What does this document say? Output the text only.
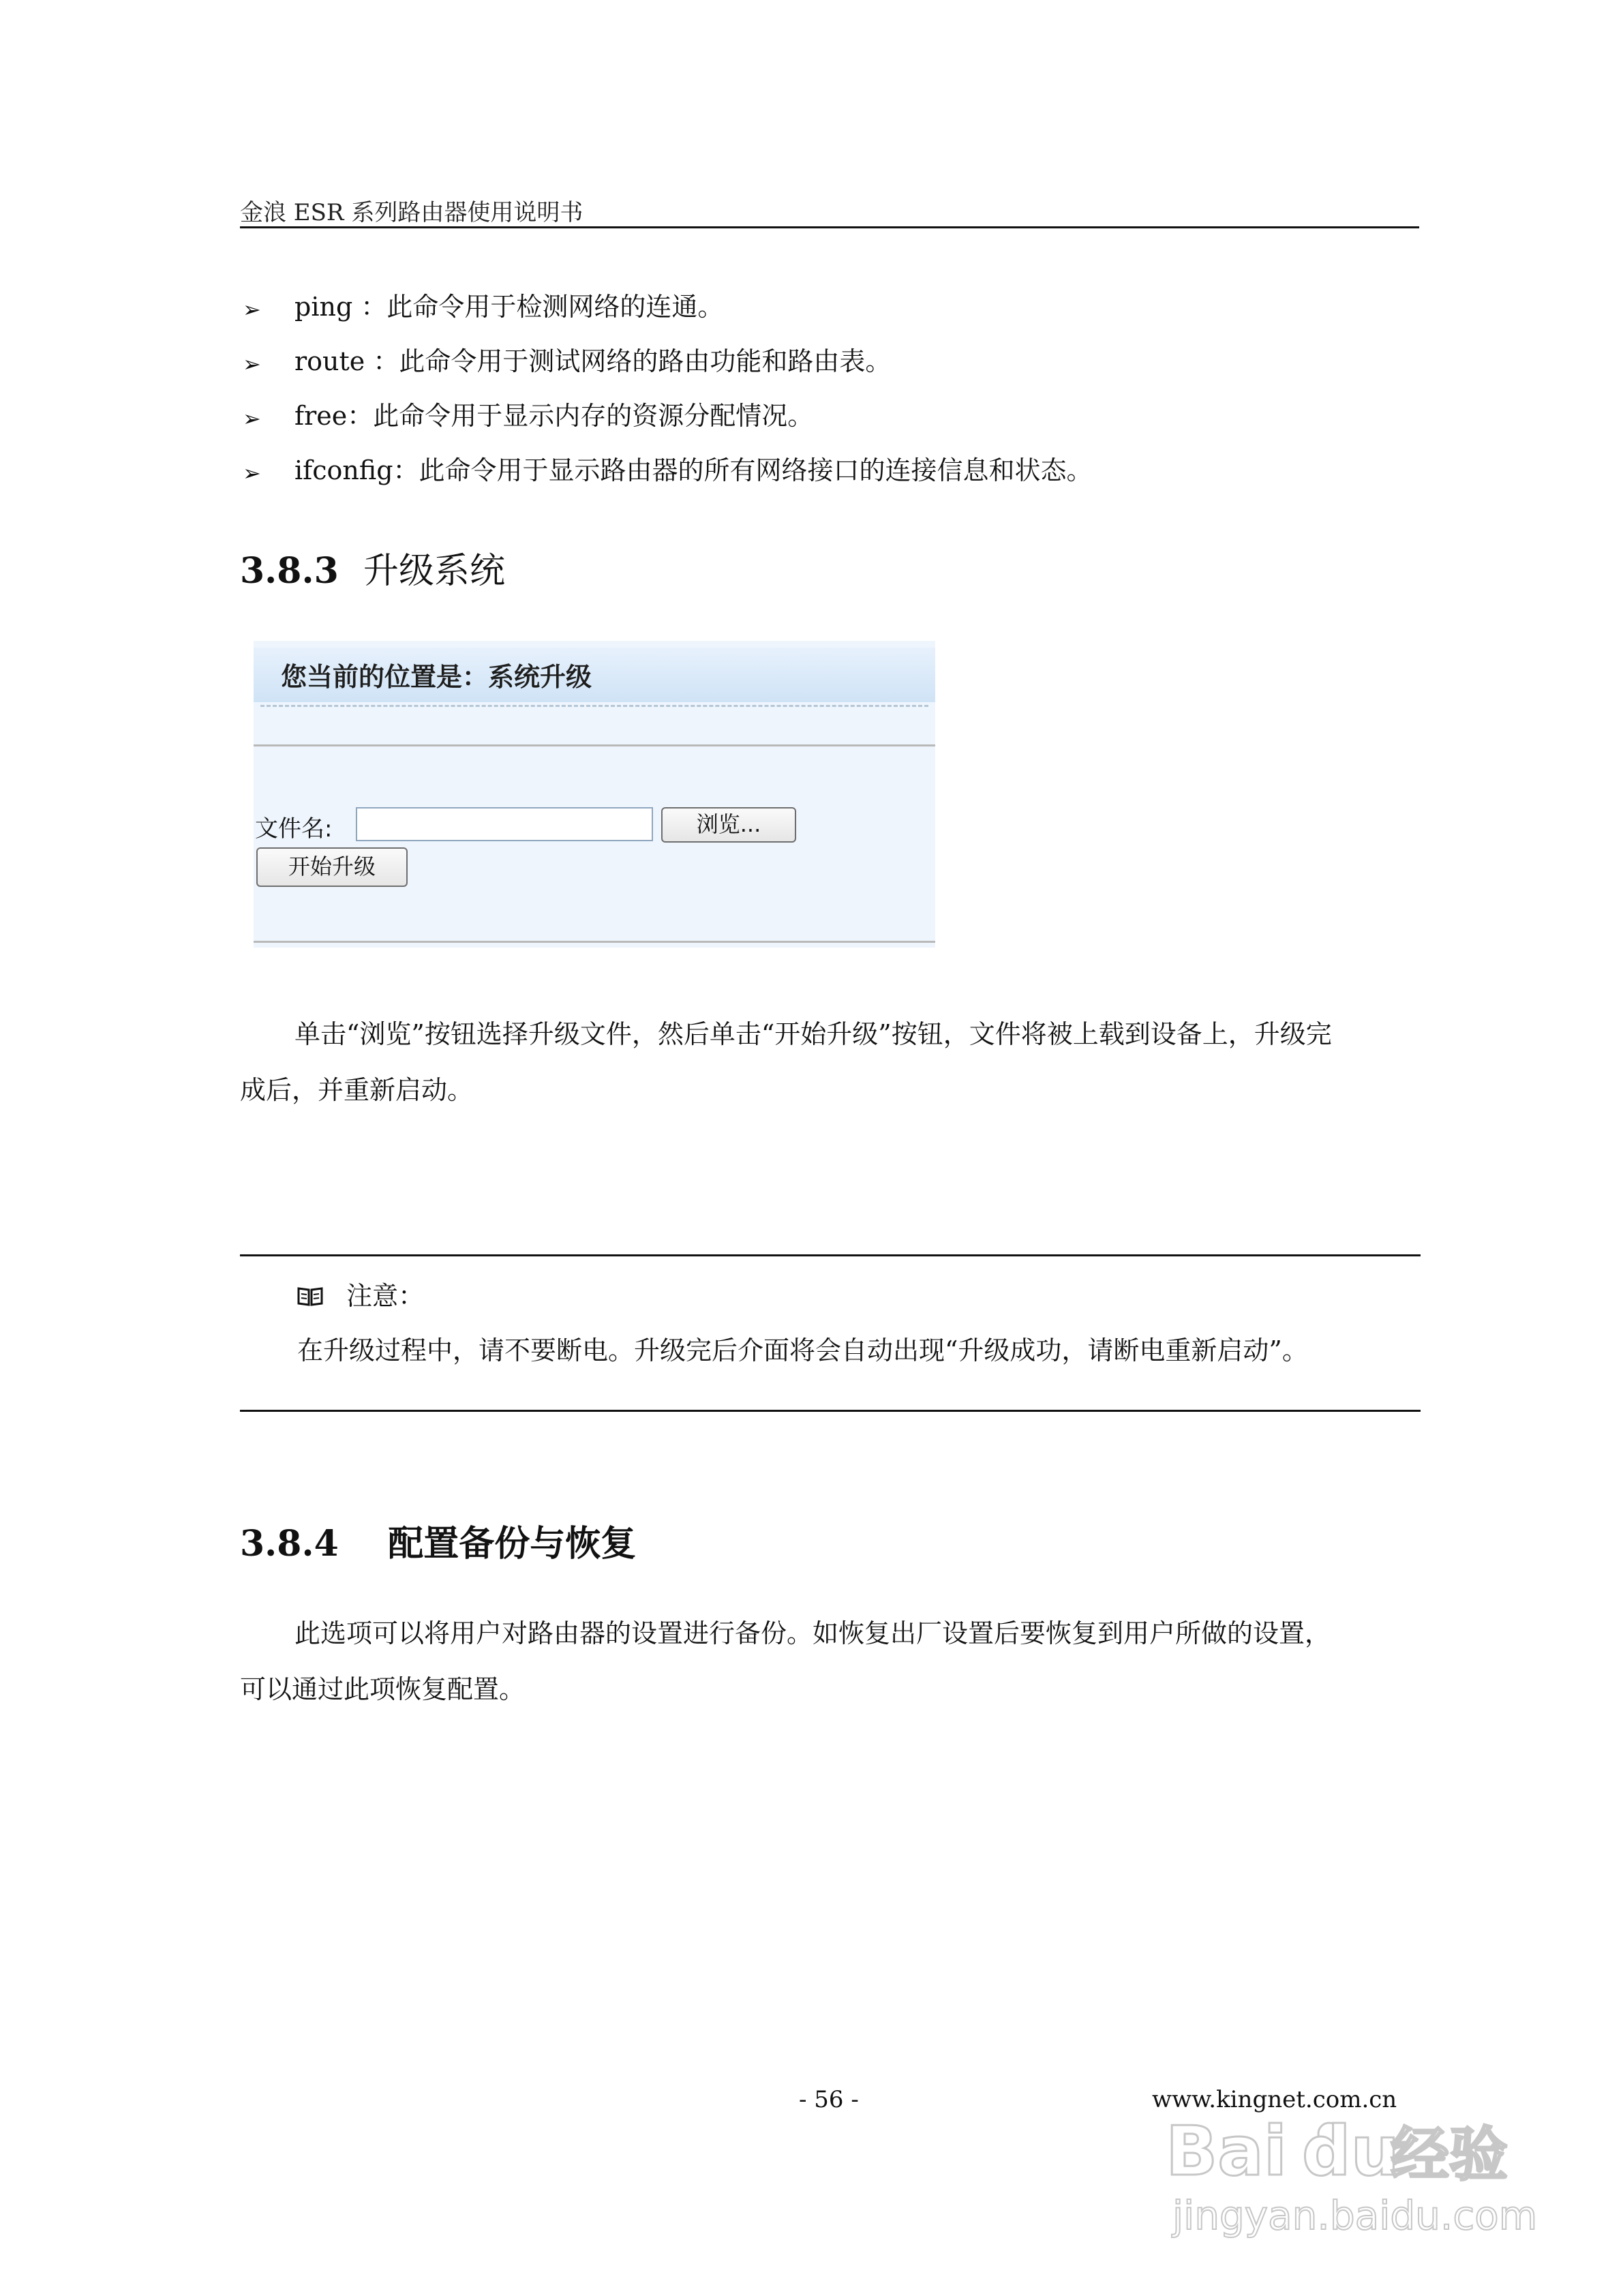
金浪 ESR 系列路由器使用说明书
➢ ping ：此命令用于检测网络的连通。
➢ route ：此命令用于测试网络的路由功能和路由表。
➢ free：此命令用于显示内存的资源分配情况。
➢ ifconfig：此命令用于显示路由器的所有网络接口的连接信息和状态。
3.8.3 升级系统
您当前的位置是：系统升级
文件名:	浏览...
开始升级
单击“浏览”按钮选择升级文件，然后单击“开始升级”按钮，文件将被上载到设备上，升级完
成后，并重新启动。
注意：
在升级过程中，请不要断电。升级完后介面将会自动出现“升级成功，请断电重新启动”。
3.8.4 配置备份与恢复
此选项可以将用户对路由器的设置进行备份。如恢复出厂设置后要恢复到用户所做的设置，
可以通过此项恢复配置。
- 56 -	www.kingnet.com.cn
Bai du
经验
jingyan.baidu.com
